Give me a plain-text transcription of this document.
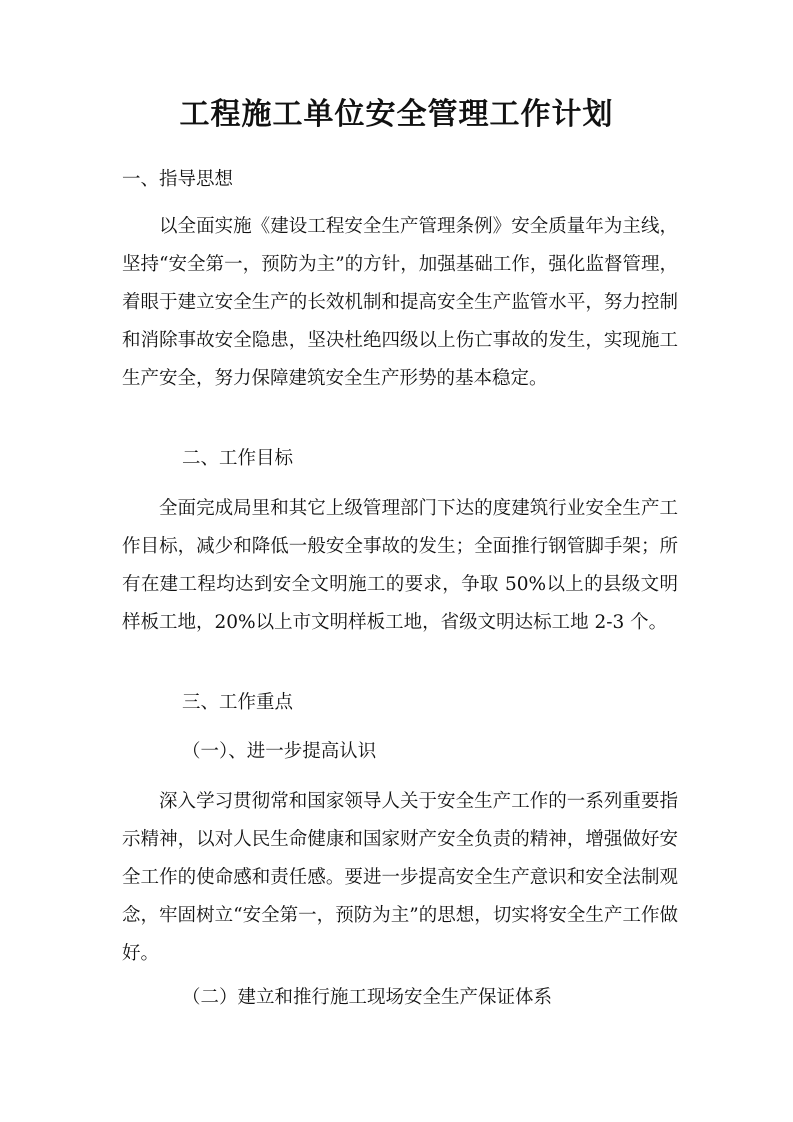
工程施工单位安全管理工作计划
一、指导思想
以全面实施《建设工程安全生产管理条例》安全质量年为主线，坚持“安全第一，预防为主”的方针，加强基础工作，强化监督管理，着眼于建立安全生产的长效机制和提高安全生产监管水平，努力控制和消除事故安全隐患，坚决杜绝四级以上伤亡事故的发生，实现施工生产安全，努力保障建筑安全生产形势的基本稳定。
二、工作目标
全面完成局里和其它上级管理部门下达的度建筑行业安全生产工作目标，减少和降低一般安全事故的发生；全面推行钢管脚手架；所有在建工程均达到安全文明施工的要求，争取 50%以上的县级文明样板工地，20%以上市文明样板工地，省级文明达标工地 2-3 个。
三、工作重点
（一）、进一步提高认识
深入学习贯彻常和国家领导人关于安全生产工作的一系列重要指示精神，以对人民生命健康和国家财产安全负责的精神，增强做好安全工作的使命感和责任感。要进一步提高安全生产意识和安全法制观念，牢固树立“安全第一，预防为主”的思想，切实将安全生产工作做好。
（二）建立和推行施工现场安全生产保证体系
